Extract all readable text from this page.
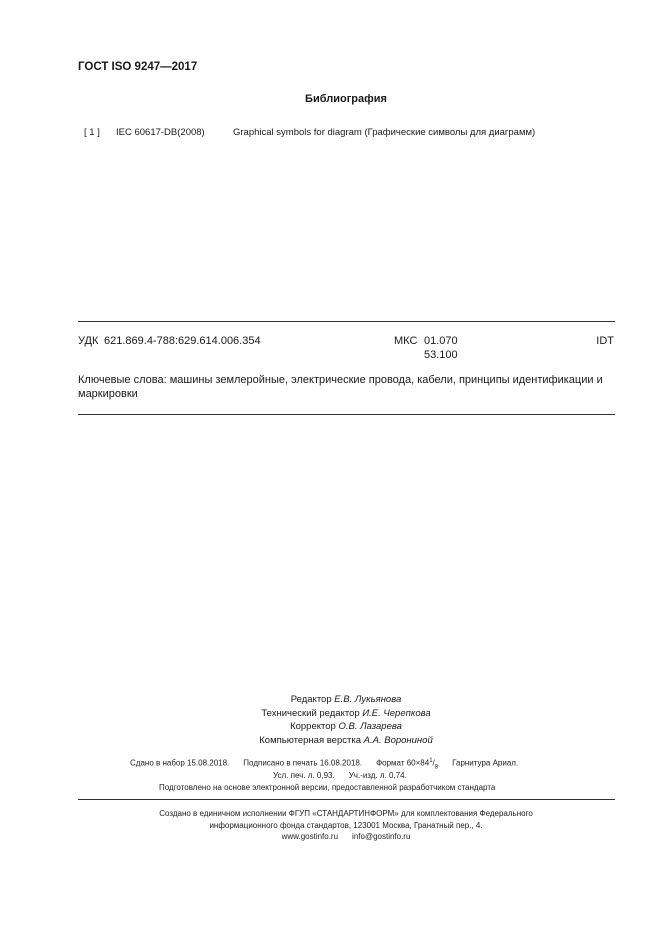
ГОСТ ISO 9247—2017
Библиография
[ 1 ] IEC 60617-DB(2008)	Graphical symbols for diagram (Графические символы для диаграмм)
УДК 621.869.4-788:629.614.006.354	МКС 01.070
53.100
IDT
Ключевые слова: машины землеройные, электрические провода, кабели, принципы идентификации и маркировки
Редактор Е.В. Лукьянова
Технический редактор И.Е. Черепкова
Корректор О.В. Лазарева
Компьютерная верстка А.А. Ворониной
Сдано в набор 15.08.2018. Подписано в печать 16.08.2018. Формат $60\times 84^1/_8$ Гарнитура Ариал.
Усл. печ. л. 0,93. Уч.-изд. л. 0,74.
Подготовлено на основе электронной версии, предоставленной разработчиком стандарта
Создано в единичном исполнении ФГУП «СТАНДАРТИНФОРМ» для комплектования Федерального
информационного фонда стандартов, 123001 Москва, Гранатный пер., 4.
www.gostinfo.ru info@gostinfo.ru
